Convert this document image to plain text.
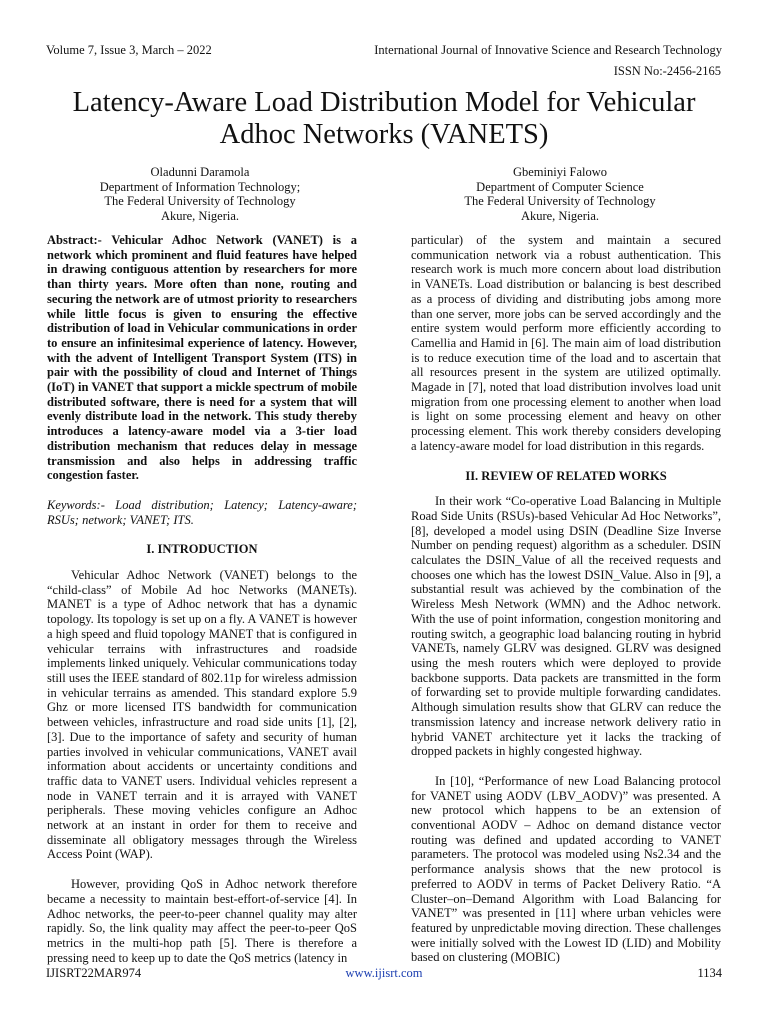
Volume 7, Issue 3, March – 2022	International Journal of Innovative Science and Research Technology
ISSN No:-2456-2165
Latency-Aware Load Distribution Model for Vehicular Adhoc Networks (VANETS)
Oladunni Daramola
Department of Information Technology;
The Federal University of Technology
Akure, Nigeria.
Gbeminiyi Falowo
Department of Computer Science
The Federal University of Technology
Akure, Nigeria.

Abstract:- Vehicular Adhoc Network (VANET) is a network which prominent and fluid features have helped in drawing contiguous attention by researchers for more than thirty years. More often than none, routing and securing the network are of utmost priority to researchers while little focus is given to ensuring the effective distribution of load in Vehicular communications in order to ensure an infinitesimal experience of latency. However, with the advent of Intelligent Transport System (ITS) in pair with the possibility of cloud and Internet of Things (IoT) in VANET that support a mickle spectrum of mobile distributed software, there is need for a system that will evenly distribute load in the network. This study thereby introduces a latency-aware model via a 3-tier load distribution mechanism that reduces delay in message transmission and also helps in addressing traffic congestion faster.

Keywords:- Load distribution; Latency; Latency-aware; RSUs; network; VANET; ITS.

I. INTRODUCTION

Vehicular Adhoc Network (VANET) belongs to the “child-class” of Mobile Ad hoc Networks (MANETs). MANET is a type of Adhoc network that has a dynamic topology. Its topology is set up on a fly. A VANET is however a high speed and fluid topology MANET that is configured in vehicular terrains with infrastructures and roadside implements linked uniquely. Vehicular communications today still uses the IEEE standard of 802.11p for wireless admission in vehicular terrains as amended. This standard explore 5.9 Ghz or more licensed ITS bandwidth for communication between vehicles, infrastructure and road side units [1], [2], [3]. Due to the importance of safety and security of human parties involved in vehicular communications, VANET avail information about accidents or uncertainty conditions and traffic data to VANET users. Individual vehicles represent a node in VANET terrain and it is arrayed with VANET peripherals. These moving vehicles configure an Adhoc network at an instant in order for them to receive and disseminate all obligatory messages through the Wireless Access Point (WAP).

However, providing QoS in Adhoc network therefore became a necessity to maintain best-effort-of-service [4]. In Adhoc networks, the peer-to-peer channel quality may alter rapidly. So, the link quality may affect the peer-to-peer QoS metrics in the multi-hop path [5]. There is therefore a pressing need to keep up to date the QoS metrics (latency in

particular) of the system and maintain a secured communication network via a robust authentication. This research work is much more concern about load distribution in VANETs. Load distribution or balancing is best described as a process of dividing and distributing jobs among more than one server, more jobs can be served accordingly and the entire system would perform more efficiently according to Camellia and Hamid in [6]. The main aim of load distribution is to reduce execution time of the load and to ascertain that all resources present in the system are utilized optimally. Magade in [7], noted that load distribution involves load unit migration from one processing element to another when load is light on some processing element and heavy on other processing element. This work thereby considers developing a latency-aware model for load distribution in this regards.

II. REVIEW OF RELATED WORKS

In their work “Co-operative Load Balancing in Multiple Road Side Units (RSUs)-based Vehicular Ad Hoc Networks”, [8], developed a model using DSIN (Deadline Size Inverse Number on pending request) algorithm as a scheduler. DSIN calculates the DSIN_Value of all the received requests and chooses one which has the lowest DSIN_Value. Also in [9], a substantial result was achieved by the combination of the Wireless Mesh Network (WMN) and the Adhoc network. With the use of point information, congestion monitoring and routing switch, a geographic load balancing routing in hybrid VANETs, namely GLRV was designed. GLRV was designed using the mesh routers which were deployed to provide backbone supports. Data packets are transmitted in the form of forwarding set to provide multiple forwarding candidates. Although simulation results show that GLRV can reduce the transmission latency and increase network delivery ratio in hybrid VANET architecture yet it lacks the tracking of dropped packets in highly congested highway.

In [10], “Performance of new Load Balancing protocol for VANET using AODV (LBV_AODV)” was presented. A new protocol which happens to be an extension of conventional AODV – Adhoc on demand distance vector routing was defined and updated according to VANET parameters. The protocol was modeled using Ns2.34 and the performance analysis shows that the new protocol is preferred to AODV in terms of Packet Delivery Ratio. “A Cluster–on–Demand Algorithm with Load Balancing for VANET” was presented in [11] where urban vehicles were featured by unpredictable moving direction. These challenges were initially solved with the Lowest ID (LID) and Mobility based on clustering (MOBIC)

IJISRT22MAR974	www.ijisrt.com	1134
